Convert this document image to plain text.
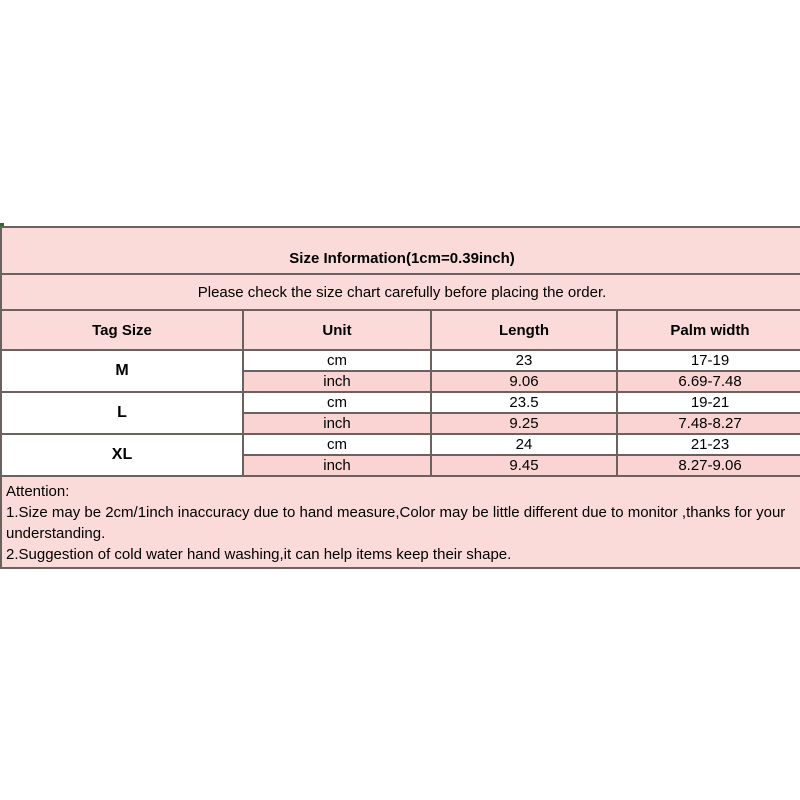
Size Information(1cm=0.39inch)			
Please check the size chart carefully before placing the order.			
Tag Size	Unit	Length	Palm width
M	cm	23	17-19
	inch	9.06	6.69-7.48
L	cm	23.5	19-21
	inch	9.25	7.48-8.27
XL	cm	24	21-23
	inch	9.45	8.27-9.06

Attention:
1.Size may be 2cm/1inch inaccuracy due to hand measure,Color may be little different due to monitor ,thanks for your understanding.
2.Suggestion of cold water hand washing,it can help items keep their shape.			
